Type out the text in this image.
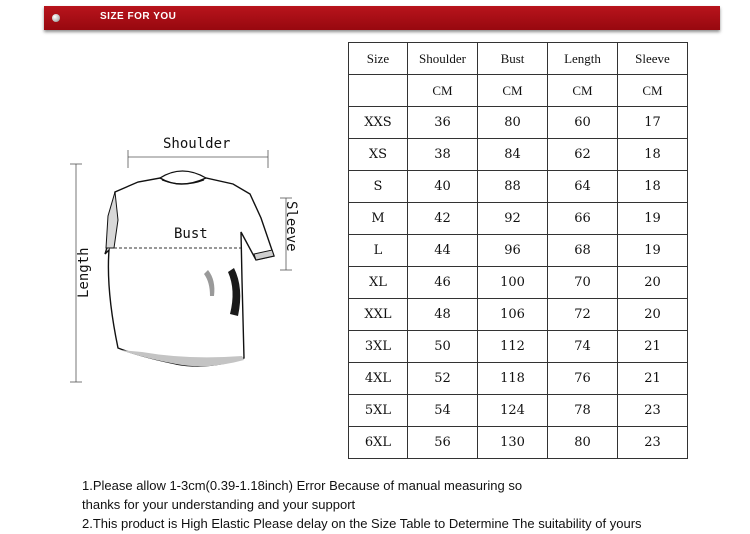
SIZE FOR YOU
Shoulder
Bust	Sleeve
Length
Size	Shoulder	Bust	Length	Sleeve
	CM	CM	CM	CM
XXS	36	80	60	17
XS	38	84	62	18
S	40	88	64	18
M	42	92	66	19
L	44	96	68	19
XL	46	100	70	20
XXL	48	106	72	20
3XL	50	112	74	21
4XL	52	118	76	21
5XL	54	124	78	23
6XL	56	130	80	23
1.Please allow 1-3cm(0.39-1.18inch) Error Because of manual measuring so
thanks for your understanding and your support
2.This product is High Elastic Please delay on the Size Table to Determine The suitability of yours
